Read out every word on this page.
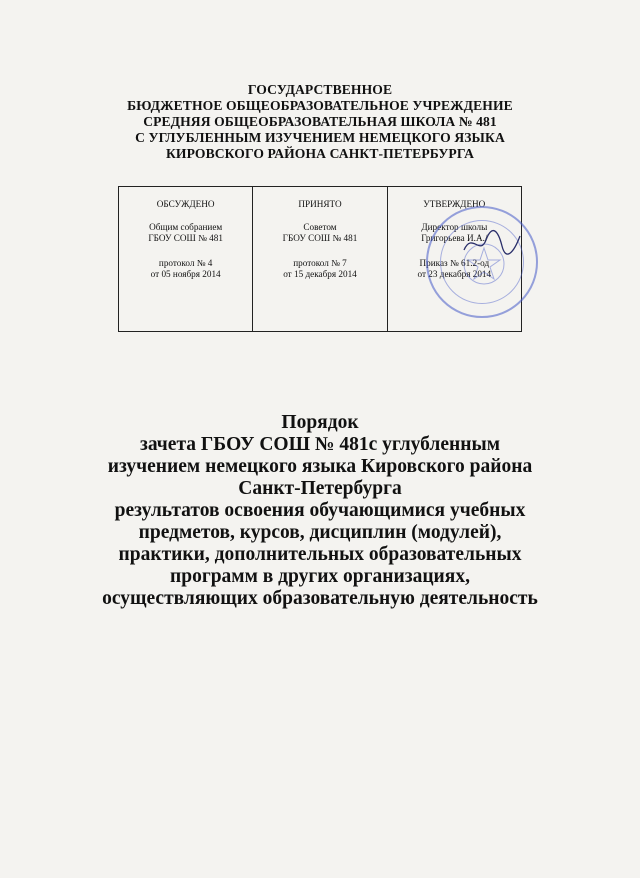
ГОСУДАРСТВЕННОЕ
БЮДЖЕТНОЕ ОБЩЕОБРАЗОВАТЕЛЬНОЕ УЧРЕЖДЕНИЕ
СРЕДНЯЯ ОБЩЕОБРАЗОВАТЕЛЬНАЯ ШКОЛА № 481
С УГЛУБЛЕННЫМ ИЗУЧЕНИЕМ НЕМЕЦКОГО ЯЗЫКА
КИРОВСКОГО РАЙОНА САНКТ-ПЕТЕРБУРГА
ОБСУЖДЕНО
Общим собранием
ГБОУ СОШ № 481
протокол № 4
от 05 ноября 2014
ПРИНЯТО
Советом
ГБОУ СОШ № 481
протокол № 7
от 15 декабря 2014
УТВЕРЖДЕНО
Директор школы
Григорьева И.А./
Приказ № 61.2-од
от 23 декабря 2014
Порядок
зачета ГБОУ СОШ № 481с углубленным
изучением немецкого языка Кировского района
Санкт-Петербурга
результатов освоения обучающимися учебных
предметов, курсов, дисциплин (модулей),
практики, дополнительных образовательных
программ в других организациях,
осуществляющих образовательную деятельность
